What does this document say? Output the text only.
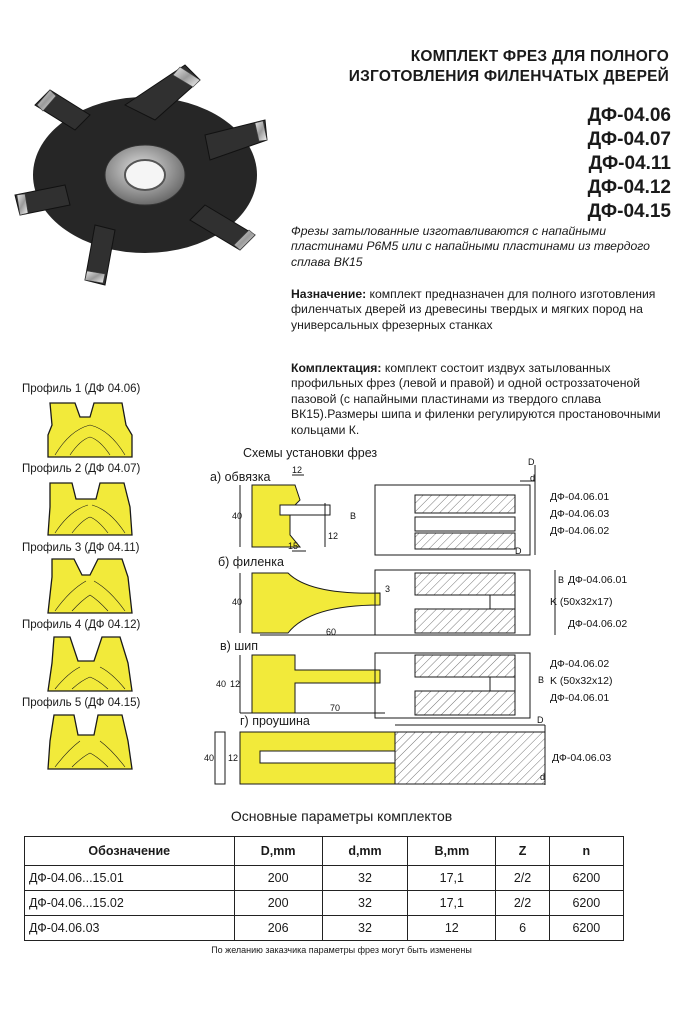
КОМПЛЕКТ ФРЕЗ ДЛЯ ПОЛНОГО
ИЗГОТОВЛЕНИЯ ФИЛЕНЧАТЫХ ДВЕРЕЙ
ДФ-04.06
ДФ-04.07
ДФ-04.11
ДФ-04.12
ДФ-04.15
Фрезы затылованные изготавливаются с напайными пластинами Р6М5 или с напайными пластинами из твердого сплава ВК15
Назначение: комплект предназначен для полного изготовления филенчатых дверей из древесины твердых и мягких пород на универсальных фрезерных станках
Комплектация: комплект состоит издвух затылованных профильных фрез (левой и правой) и одной остроззаточеной пазовой (с напайными пластинами из твердого сплава ВК15).Размеры шипа и филенки регулируются простановочными кольцами К.
Профиль 1 (ДФ 04.06)
Профиль 2 (ДФ 04.07)
Профиль 3 (ДФ 04.11)
Профиль 4 (ДФ 04.12)
Профиль 5 (ДФ 04.15)
Схемы установки фрез
а) обвязка
б) филенка
в) шип
г) проушина
12
40
15
12
B
D
d
D
ДФ-04.06.01
ДФ-04.06.03
ДФ-04.06.02
40
60
3
B ДФ-04.06.01
K (50x32x17)
ДФ-04.06.02
40 12
70
B
ДФ-04.06.02
K (50x32x12)
ДФ-04.06.01
40 12
D
d
ДФ-04.06.03
Основные параметры комплектов
Обозначение	D,mm	d,mm	B,mm	Z	n
ДФ-04.06...15.01	200	32	17,1	2/2	6200
ДФ-04.06...15.02	200	32	17,1	2/2	6200
ДФ-04.06.03	206	32	12	6	6200
По желанию заказчика параметры фрез могут быть изменены
